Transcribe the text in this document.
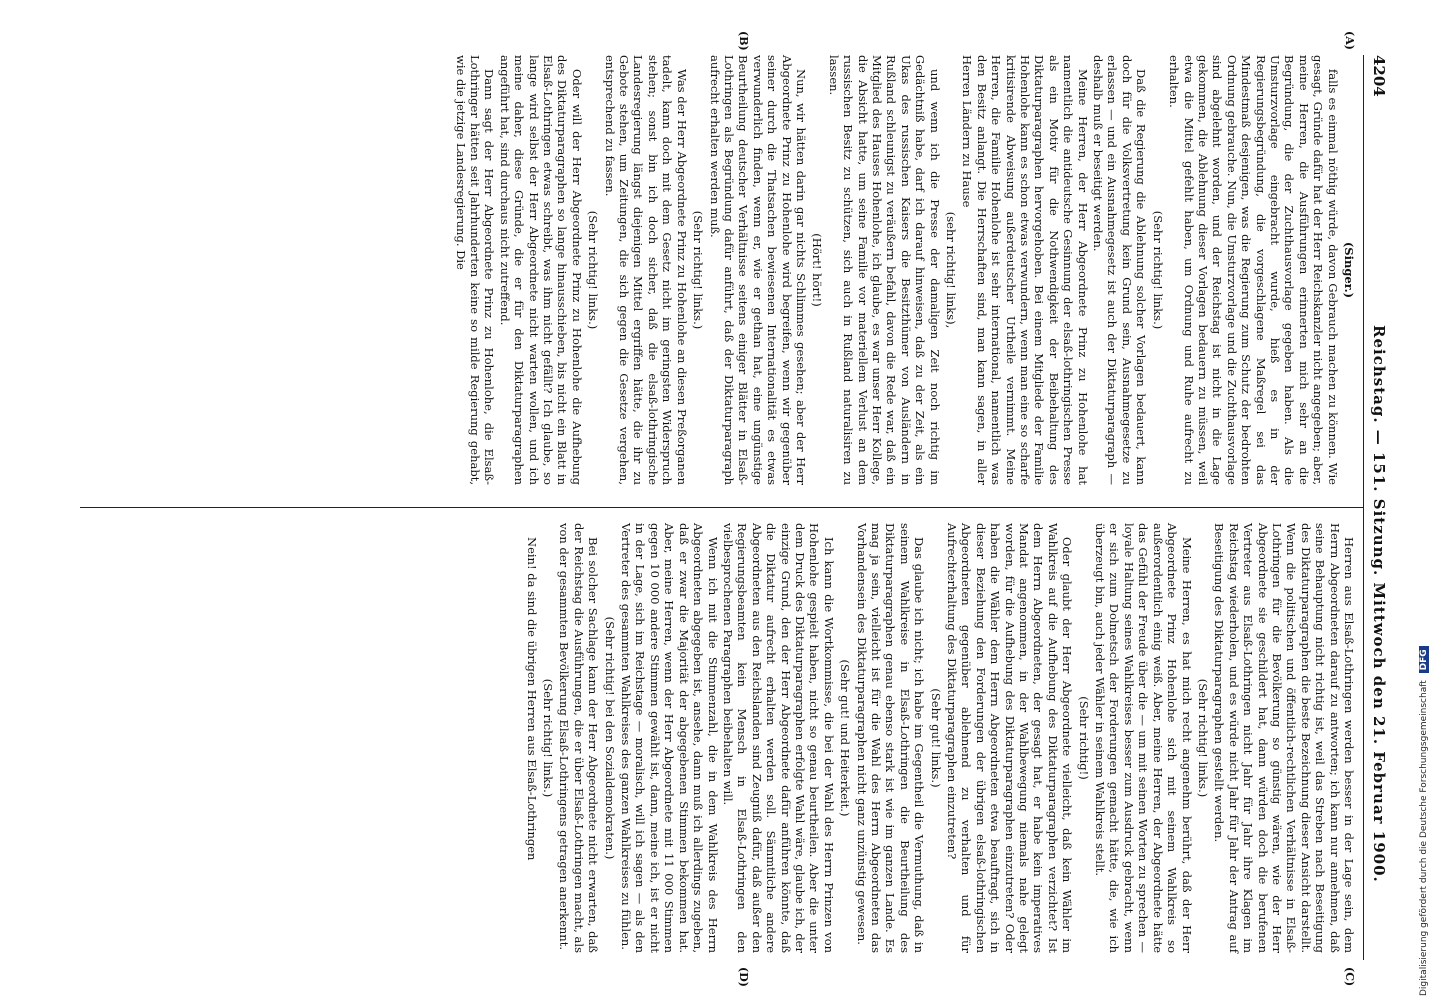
4204
Reichstag. — 151. Sitzung. Mittwoch den 21. Februar 1900.
(A)
(B)
(C)
(D)
(Singer.)

falls es einmal nöthig würde, davon Gebrauch machen zu können. Wie gesagt, Gründe dafür hat der Herr Reichskanzler nicht angegeben; aber, meine Herren, die Ausführungen erinnerten mich sehr an die Begründung, die der Zuchthausvorlage gegeben haben. Als die Umsturzvorlage eingebracht wurde, hieß es in der Regierungsbegründung, die vorgeschlagene Maßregel sei das Mindestmaß desjenigen, was die Regierung zum Schutz der bedrohten Ordnung gebrauche. Nun, die Umsturzvorlage und die Zuchthausvorlage sind abgelehnt worden, und der Reichstag ist nicht in die Lage gekommen, die Ablehnung dieser Vorlagen bedauern zu müssen, weil etwa die Mittel gefehlt haben, um Ordnung und Ruhe aufrecht zu erhalten.

(Sehr richtig! links.)

Daß die Regierung die Ablehnung solcher Vorlagen bedauert, kann doch für die Volksvertretung kein Grund sein, Ausnahmegesetze zu erlassen — und ein Ausnahmegesetz ist auch der Diktaturparagraph — deshalb muß er beseitigt werden.

Meine Herren, der Herr Abgeordnete Prinz zu Hohenlohe hat namentlich die antideutsche Gesinnung der elsaß-lothringischen Presse als ein Motiv für die Nothwendigkeit der Beibehaltung des Diktaturparagraphen hervorgehoben. Bei einem Mitgliede der Familie Hohenlohe kann es schon etwas verwundern, wenn man eine so scharfe kritisirende Abweisung außerdeutscher Urtheile vernimmt. Meine Herren, die Familie Hohenlohe ist sehr international, namentlich was den Besitz anlangt. Die Herrschaften sind, man kann sagen, in aller Herren Ländern zu Hause

(sehr richtig! links),

und wenn ich die Presse der damaligen Zeit noch richtig im Gedächtniß habe, darf ich darauf hinweisen, daß zu der Zeit, als ein Ukas des russischen Kaisers die Besitzthümer von Ausländern in Rußland schleunigst zu veräußern befahl, davon die Rede war, daß ein Mitglied des Hauses Hohenlohe, ich glaube, es war unser Herr Kollege, die Absicht hatte, um seine Familie vor materiellem Verlust an dem russischen Besitz zu schützen, sich auch in Rußland naturalisiren zu lassen.

(Hört! hört!)

Nun, wir hätten darin gar nichts Schlimmes gesehen; aber der Herr Abgeordnete Prinz zu Hohenlohe wird begreifen, wenn wir gegenüber seiner durch die Thatsachen bewiesenen Internationalität es etwas verwunderlich finden, wenn er, wie er gethan hat, eine ungünstige Beurtheilung deutscher Verhältnisse seitens einiger Blätter in Elsaß-Lothringen als Begründung dafür anführt, daß der Diktaturparagraph aufrecht erhalten werden muß.

(Sehr richtig! links.)

Was der Herr Abgeordnete Prinz zu Hohenlohe an diesen Preßorganen tadelt, kann doch mit dem Gesetz nicht im geringsten Widerspruch stehen; sonst bin ich doch sicher, daß die elsaß-lothringische Landesregierung längst diejenigen Mittel ergriffen hätte, die ihr zu Gebote stehen, um Zeitungen, die sich gegen die Gesetze vergehen, entsprechend zu fassen.

(Sehr richtig! links.)

Oder will der Herr Abgeordnete Prinz zu Hohenlohe die Aufhebung des Diktaturparagraphen so lange hinausschieben, bis nicht ein Blatt in Elsaß-Lothringen etwas schreibt, was ihm nicht gefällt? Ich glaube, so lange wird selbst der Herr Abgeordnete nicht warten wollen, und ich meine daher, diese Gründe, die er für den Diktaturparagraphen angeführt hat, sind durchaus nicht zutreffend.

Dann sagt der Herr Abgeordnete Prinz zu Hohenlohe, die Elsaß-Lothringer hätten seit Jahrhunderten keine so milde Regierung gehabt, wie die jetzige Landesregierung. Die

Herren aus Elsaß-Lothringen werden besser in der Lage sein, dem Herrn Abgeordneten darauf zu antworten; ich kann nur annehmen, daß seine Behauptung nicht richtig ist, weil das Streben nach Beseitigung des Diktaturparagraphen die beste Bezeichnung dieser Ansicht darstellt. Wenn die politischen und öffentlich-rechtlichen Verhältnisse in Elsaß-Lothringen für die Bevölkerung so günstig wären, wie der Herr Abgeordnete sie geschildert hat, dann würden doch die berufenen Vertreter aus Elsaß-Lothringen nicht Jahr für Jahr ihre Klagen im Reichstag wiederholen, und es würde nicht Jahr für Jahr der Antrag auf Beseitigung des Diktaturparagraphen gestellt werden.

(Sehr richtig! links.)

Meine Herren, es hat mich recht angenehm berührt, daß der Herr Abgeordnete Prinz Hohenlohe sich mit seinem Wahlkreis so außerordentlich einig weiß. Aber, meine Herren, der Abgeordnete hätte das Gefühl der Freude über die — um mit seinen Worten zu sprechen — loyale Haltung seines Wahlkreises besser zum Ausdruck gebracht, wenn er sich zum Dolmetsch der Forderungen gemacht hätte, die, wie ich überzeugt bin, auch jeder Wähler in seinem Wahlkreis stellt.

(Sehr richtig!)

Oder glaubt der Herr Abgeordnete vielleicht, daß kein Wähler im Wahlkreis auf die Aufhebung des Diktaturparagraphen verzichtet? Ist dem Herrn Abgeordneten, der gesagt hat, er habe kein imperatives Mandat angenommen, in der Wahlbewegung niemals nahe gelegt worden, für die Aufhebung des Diktaturparagraphen einzutreten? Oder haben die Wähler dem Herrn Abgeordneten etwa beauftragt, sich in dieser Beziehung den Forderungen der übrigen elsaß-lothringischen Abgeordneten gegenüber ablehnend zu verhalten und für Aufrechterhaltung des Diktaturparagraphen einzutreten?

(Sehr gut! links.)

Das glaube ich nicht; ich habe im Gegentheil die Vermuthung, daß in seinem Wahlkreise in Elsaß-Lothringen die Beurtheilung des Diktaturparagraphen genau ebenso stark ist wie im ganzen Lande. Es mag ja sein, vielleicht ist für die Wahl des Herrn Abgeordneten das Vorhandensein des Diktaturparagraphen nicht ganz unzünstig gewesen.

(Sehr gut! und Heiterkeit.)

Ich kann die Wortkommisse, die bei der Wahl des Herrn Prinzen von Hohenlohe gespielt haben, nicht so genau beurtheilen. Aber die unter dem Druck des Diktaturparagraphen erfolgte Wahl wäre, glaube ich, der einzige Grund, den der Herr Abgeordnete dafür anführen könnte, daß die Diktatur aufrecht erhalten werden soll. Sämmtliche andere Abgeordneten aus den Reichslanden sind Zeugniß dafür, daß außer den Regierungsbeamten kein Mensch in Elsaß-Lothringen den vielbesprochenen Paragraphen beibehalten will.

Wenn ich mit die Stimmenzahl, die in dem Wahlkreis des Herrn Abgeordneten abgegeben ist, ansehe, dann muß ich allerdings zugeben, daß er zwar die Majorität der abgegebenen Stimmen bekommen hat. Aber, meine Herren, wenn der Herr Abgeordnete mit 11 000 Stimmen gegen 10 000 andere Stimmen gewählt ist, dann, meine ich, ist er nicht in der Lage, sich im Reichstage — moralisch, will ich sagen — als den Vertreter des gesammten Wahlkreises des ganzen Wahlkreises zu fühlen.

(Sehr richtig! bei den Sozialdemokraten.)

Bei solcher Sachlage kann der Herr Abgeordnete nicht erwarten, daß der Reichstag die Ausführungen, die er über Elsaß-Lothringen macht, als von der gesammten Bevölkerung Elsaß-Lothringens getragen anerkennt.

(Sehr richtig! links.)

Nein! da sind die übrigen Herren aus Elsaß-Lothringen	Digitalisierung gefördert durch die Deutsche Forschungsgemeinschaft DFG
